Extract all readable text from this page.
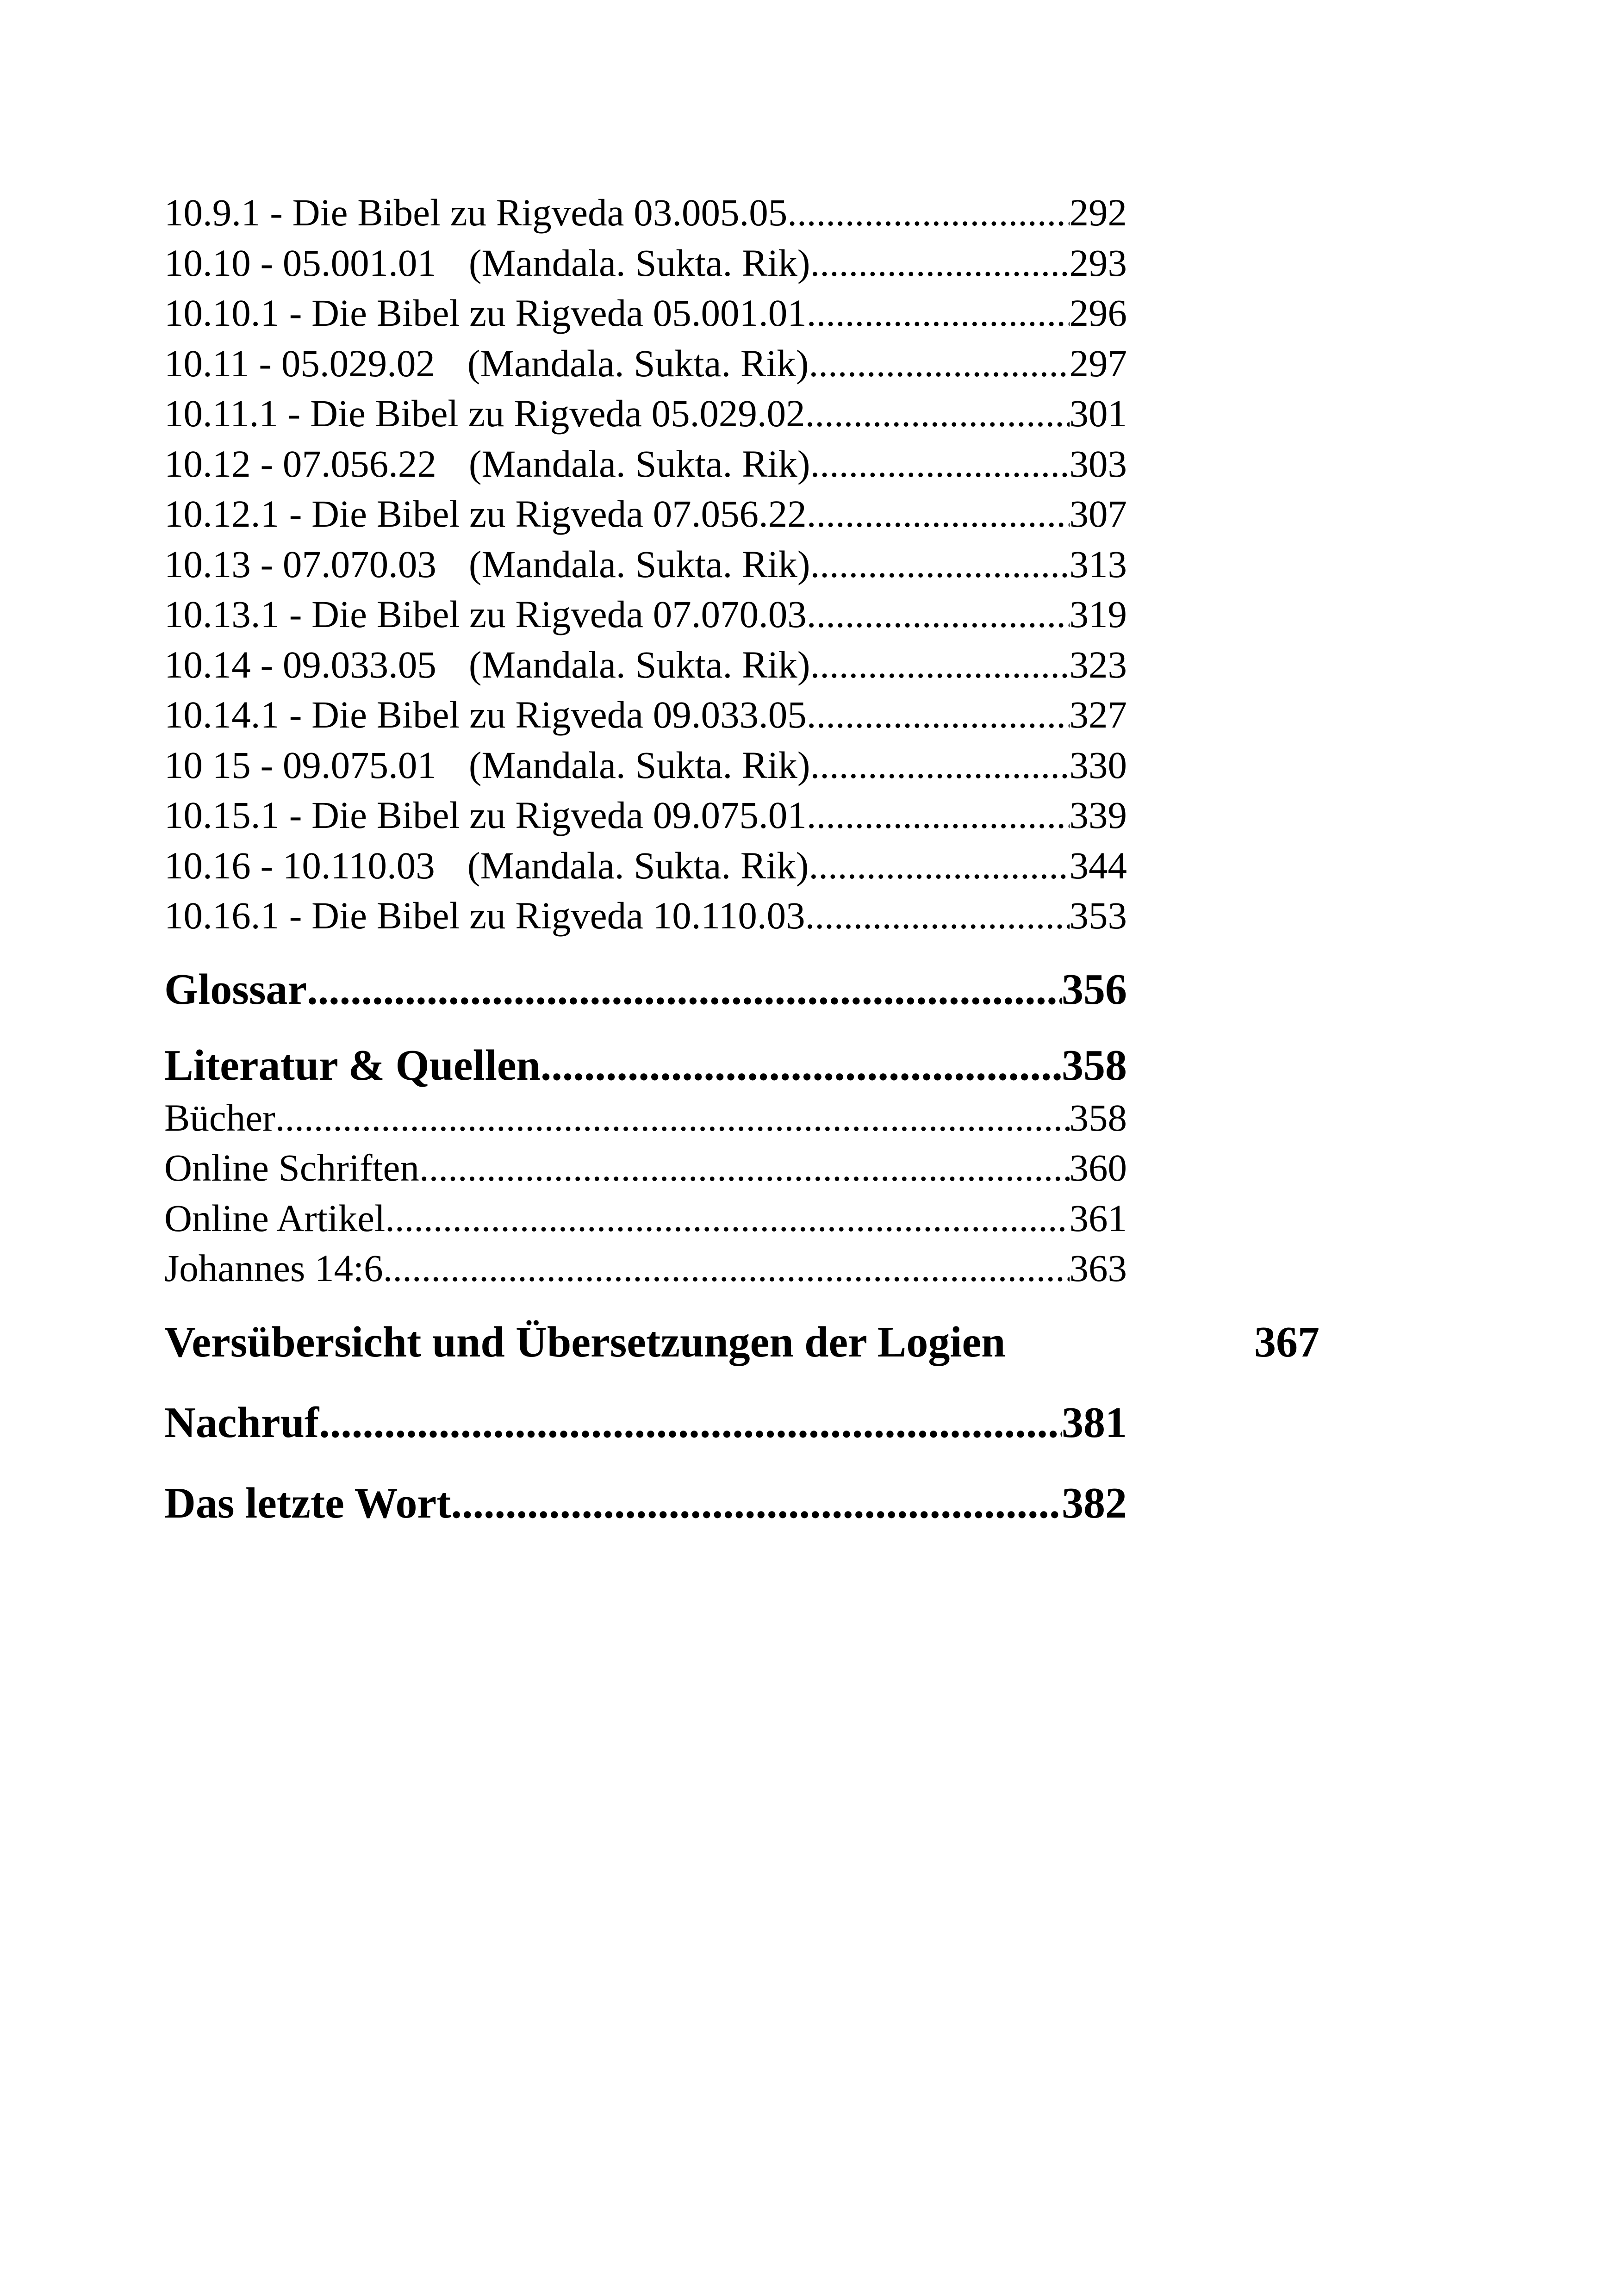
10.9.1 - Die Bibel zu Rigveda 03.005.05 .....	292
10.10 - 05.001.01 (Mandala. Sukta. Rik) .....	293
10.10.1 - Die Bibel zu Rigveda 05.001.01 .....	296
10.11 - 05.029.02 (Mandala. Sukta. Rik) .....	297
10.11.1 - Die Bibel zu Rigveda 05.029.02 .....	301
10.12 - 07.056.22 (Mandala. Sukta. Rik) .....	303
10.12.1 - Die Bibel zu Rigveda 07.056.22 .....	307
10.13 - 07.070.03 (Mandala. Sukta. Rik) .....	313
10.13.1 - Die Bibel zu Rigveda 07.070.03 .....	319
10.14 - 09.033.05 (Mandala. Sukta. Rik) .....	323
10.14.1 - Die Bibel zu Rigveda 09.033.05 .....	327
10 15 - 09.075.01 (Mandala. Sukta. Rik) .....	330
10.15.1 - Die Bibel zu Rigveda 09.075.01 .....	339
10.16 - 10.110.03 (Mandala. Sukta. Rik) .....	344
10.16.1 - Die Bibel zu Rigveda 10.110.03 .....	353
Glossar .....	356
Literatur & Quellen .....	358
Bücher .....	358
Online Schriften .....	360
Online Artikel .....	361
Johannes 14:6 .....	363
Versübersicht und Übersetzungen der Logien	367
Nachruf .....	381
Das letzte Wort .....	382
